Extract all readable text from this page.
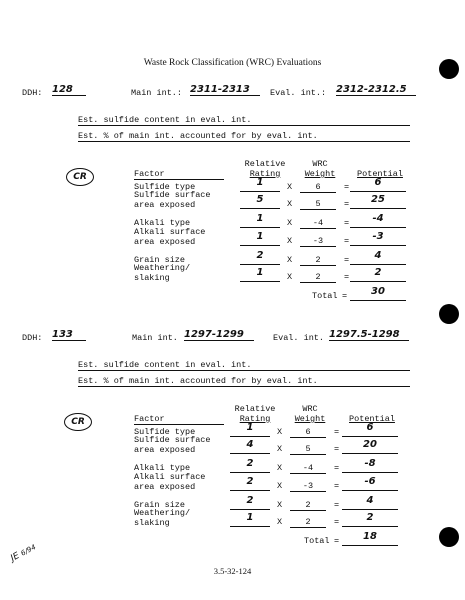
Waste Rock Classification (WRC) Evaluations
DDH: 128	Main int.: 2311-2313	Eval. int.: 2312-2312.5
Est. sulfide content in eval. int.
Est. % of main int. accounted for by eval. int.
CR
Relative
Rating
WRC
Weight	Potential
Factor
Sulfide type	1	X	6	=	6
Sulfide surface
area exposed	5	X	5	=	25
Alkali type	1	X	-4	=	-4
Alkali surface
area exposed	1	X	-3	=	-3
Grain size	2	X	2	=	4
Weathering/
slaking	1	X	2	=	2
Total =	30
DDH: 133	Main int. 1297-1299	Eval. int. 1297.5-1298
Est. sulfide content in eval. int.
Est. % of main int. accounted for by eval. int.
CR
Relative
Rating
WRC
Weight	Potential
Factor
Sulfide type	1	X	6	=	6
Sulfide surface
area exposed	4	X	5	=	20
Alkali type	2	X	-4	=	-8
Alkali surface
area exposed	2	X	-3	=	-6
Grain size	2	X	2	=	4
Weathering/
slaking	1	X	2	=	2
Total =	18
JE 6/94
3.5-32-124
